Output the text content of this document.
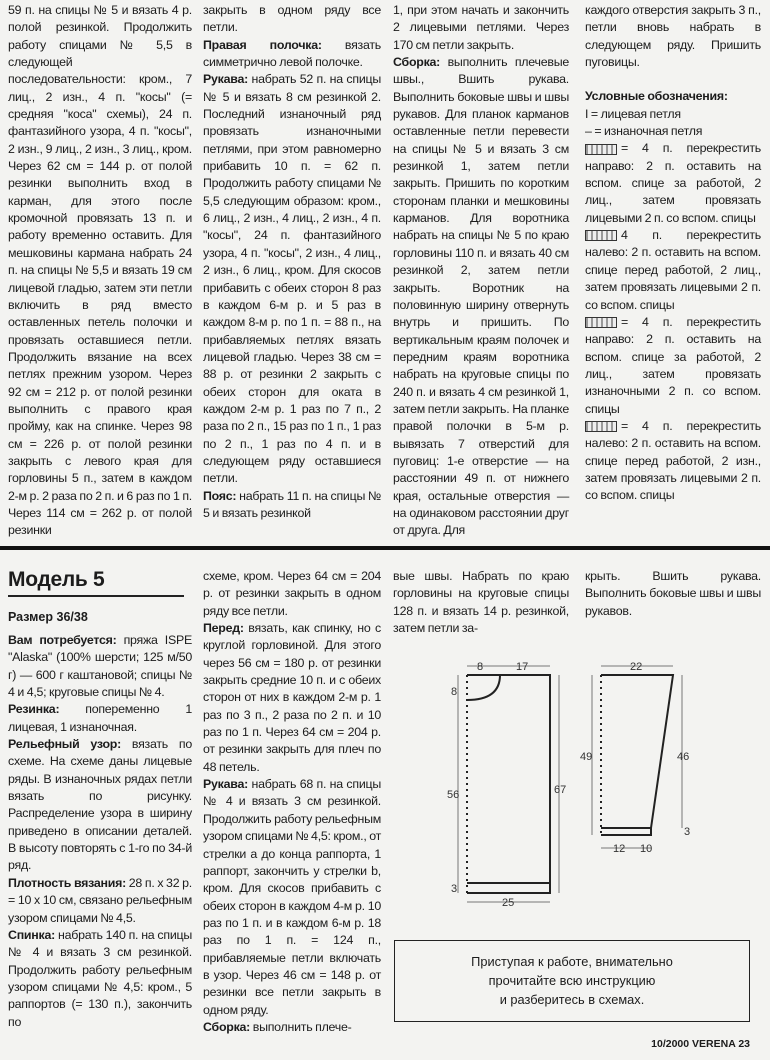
59 п. на спицы № 5 и вязать 4 р. полой резинкой. Продолжить работу спицами № 5,5 в следующей последовательности: кром., 7 лиц., 2 изн., 4 п. "косы" (= средняя "коса" схемы), 24 п. фантазийного узора, 4 п. "косы", 2 изн., 9 лиц., 2 изн., 3 лиц., кром. Через 62 см = 144 р. от полой резинки выполнить вход в карман, для этого после кромочной провязать 13 п. и работу временно оставить. Для мешковины кармана набрать 24 п. на спицы № 5,5 и вязать 19 см лицевой гладью, затем эти петли включить в ряд вместо оставленных петель полочки и провязать оставшиеся петли. Продолжить вязание на всех петлях прежним узором. Через 92 см = 212 р. от полой резинки выполнить с правого края пройму, как на спинке. Через 98 см = 226 р. от полой резинки закрыть с левого края для горловины 5 п., затем в каждом 2-м р. 2 раза по 2 п. и 6 раз по 1 п. Через 114 см = 262 р. от полой резинки

закрыть в одном ряду все петли.

Правая полочка: вязать симметрично левой полочке.

Рукава: набрать 52 п. на спицы № 5 и вязать 8 см резинкой 2. Последний изнаночный ряд провязать изнаночными петлями, при этом равномерно прибавить 10 п. = 62 п. Продолжить работу спицами № 5,5 следующим образом: кром., 6 лиц., 2 изн., 4 лиц., 2 изн., 4 п. "косы", 24 п. фантазийного узора, 4 п. "косы", 2 изн., 4 лиц., 2 изн., 6 лиц., кром. Для скосов прибавить с обеих сторон 8 раз в каждом 6-м р. и 5 раз в каждом 8-м р. по 1 п. = 88 п., на прибавляемых петлях вязать лицевой гладью. Через 38 см = 88 р. от резинки 2 закрыть с обеих сторон для оката в каждом 2-м р. 1 раз по 7 п., 2 раза по 2 п., 15 раз по 1 п., 1 раз по 2 п., 1 раз по 4 п. и в следующем ряду оставшиеся петли.

Пояс: набрать 11 п. на спицы № 5 и вязать резинкой

1, при этом начать и закончить 2 лицевыми петлями. Через 170 см петли закрыть.

Сборка: выполнить плечевые швы., Вшить рукава. Выполнить боковые швы и швы рукавов. Для планок карманов оставленные петли перевести на спицы № 5 и вязать 3 см резинкой 1, затем петли закрыть. Пришить по коротким сторонам планки и мешковины карманов. Для воротника набрать на спицы № 5 по краю горловины 110 п. и вязать 40 см резинкой 2, затем петли закрыть. Воротник на половинную ширину отвернуть внутрь и пришить. По вертикальным краям полочек и передним краям воротника набрать на круговые спицы по 240 п. и вязать 4 см резинкой 1, затем петли закрыть. На планке правой полочки в 5-м р. вывязать 7 отверстий для пуговиц: 1-е отверстие — на расстоянии 49 п. от нижнего края, остальные отверстия — на одинаковом расстоянии друг от друга. Для

каждого отверстия закрыть 3 п., петли вновь набрать в следующем ряду. Пришить пуговицы.

Условные обозначения:

I = лицевая петля

– = изнаночная петля

= 4 п. перекрестить направо: 2 п. оставить на вспом. спице за работой, 2 лиц., затем провязать лицевыми 2 п. со вспом. спицы

4 п. перекрестить налево: 2 п. оставить на вспом. спице перед работой, 2 лиц., затем провязать лицевыми 2 п. со вспом. спицы

= 4 п. перекрестить направо: 2 п. оставить на вспом. спице за работой, 2 лиц., затем провязать изнаночными 2 п. со вспом. спицы

= 4 п. перекрестить налево: 2 п. оставить на вспом. спице перед работой, 2 изн., затем провязать лицевыми 2 п. со вспом. спицы

Модель 5
Размер 36/38

Вам потребуется: пряжа ISPE "Alaska" (100% шерсти; 125 м/50 г) — 600 г каштановой; спицы № 4 и 4,5; круговые спицы № 4.

Резинка: попеременно 1 лицевая, 1 изнаночная.

Рельефный узор: вязать по схеме. На схеме даны лицевые ряды. В изнаночных рядах петли вязать по рисунку. Распределение узора в ширину приведено в описании деталей. В высоту повторять с 1-го по 34-й ряд.

Плотность вязания: 28 п. х 32 р. = 10 х 10 см, связано рельефным узором спицами № 4,5.

Спинка: набрать 140 п. на спицы № 4 и вязать 3 см резинкой. Продолжить работу рельефным узором спицами № 4,5: кром., 5 раппортов (= 130 п.), закончить по

схеме, кром. Через 64 см = 204 р. от резинки закрыть в одном ряду все петли.

Перед: вязать, как спинку, но с круглой горловиной. Для этого через 56 см = 180 р. от резинки закрыть средние 10 п. и с обеих сторон от них в каждом 2-м р. 1 раз по 3 п., 2 раза по 2 п. и 10 раз по 1 п. Через 64 см = 204 р. от резинки закрыть для плеч по 48 петель.

Рукава: набрать 68 п. на спицы № 4 и вязать 3 см резинкой. Продолжить работу рельефным узором спицами № 4,5: кром., от стрелки a до конца раппорта, 1 раппорт, закончить у стрелки b, кром. Для скосов прибавить с обеих сторон в каждом 4-м р. 10 раз по 1 п. и в каждом 6-м р. 18 раз по 1 п. = 124 п., прибавляемые петли включать в узор. Через 46 см = 148 р. от резинки все петли закрыть в одном ряду.

Сборка: выполнить плече-

вые швы. Набрать по краю горловины на круговые спицы 128 п. и вязать 14 р. резинкой, затем петли за-

крыть. Вшить рукава. Выполнить боковые швы и швы рукавов.

8	17
8
56	67
3
25
22
49	46
3
12 10
Приступая к работе, внимательно
прочитайте всю инструкцию
и разберитесь в схемах.
10/2000 VERENA 23
